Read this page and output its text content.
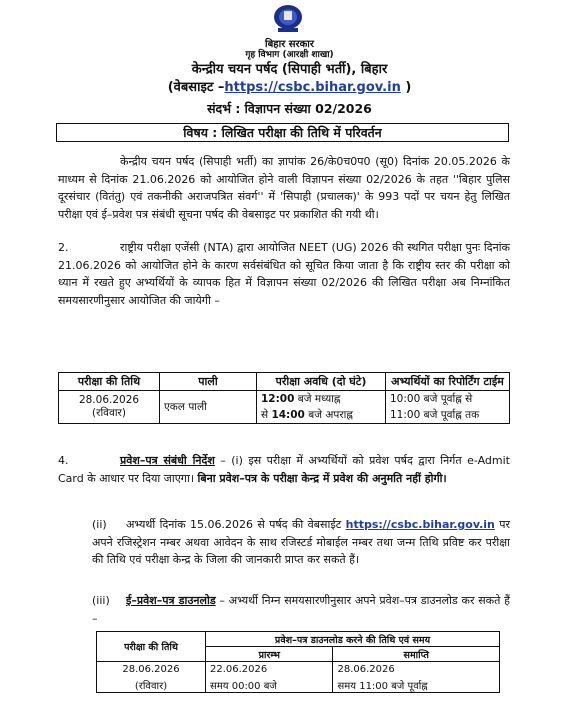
बिहार सरकार
गृह विभाग (आरक्षी शाखा)
केन्द्रीय चयन पर्षद (सिपाही भर्ती), बिहार
(वेबसाइट –https://csbc.bihar.gov.in )
संदर्भ : विज्ञापन संख्या 02/2026
विषय : लिखित परीक्षा की तिथि में परिवर्तन
केन्द्रीय चयन पर्षद (सिपाही भर्ती) का ज्ञापांक 26/के0च0प0 (सू0) दिनांक 20.05.2026 के माध्यम से दिनांक 21.06.2026 को आयोजित होने वाली विज्ञापन संख्या 02/2026 के तहत ''बिहार पुलिस दूरसंचार (वितंतु) एवं तकनीकी अराजपत्रित संवर्ग'' में 'सिपाही (प्रचालक)' के 993 पदों पर चयन हेतु लिखित परीक्षा एवं ई–प्रवेश पत्र संबंधी सूचना पर्षद की वेबसाइट पर प्रकाशित की गयी थी।
2.	राष्ट्रीय परीक्षा एजेंसी (NTA) द्वारा आयोजित NEET (UG) 2026 की स्थगित परीक्षा पुनः दिनांक 21.06.2026 को आयोजित होने के कारण सर्वसंबंधित को सूचित किया जाता है कि राष्ट्रीय स्तर की परीक्षा को ध्यान में रखते हुए अभ्यर्थियों के व्यापक हित में विज्ञापन संख्या 02/2026 की लिखित परीक्षा अब निम्नांकित समयसारणीनुसार आयोजित की जायेगी –
परीक्षा की तिथि	पाली	परीक्षा अवधि (दो घंटे)	अभ्यर्थियों का रिपोर्टिंग टाईम

28.06.2026
(रविवार)	एकल पाली	12:00 बजे मध्याह्न	10:00 बजे पूर्वाह्न से
		से 14:00 बजे अपराह्न	11:00 बजे पूर्वाह्न तक
4.	प्रवेश–पत्र संबंधी निर्देश – (i) इस परीक्षा में अभ्यर्थियों को प्रवेश पर्षद द्वारा निर्गत e-Admit Card के आधार पर दिया जाएगा। बिना प्रवेश–पत्र के परीक्षा केन्द्र में प्रवेश की अनुमति नहीं होगी।
(ii) अभ्यर्थी दिनांक 15.06.2026 से पर्षद की वेबसाईट https://csbc.bihar.gov.in पर अपने रजिस्ट्रेशन नम्बर अथवा आवेदन के साथ रजिस्टर्ड मोबाईल नम्बर तथा जन्म तिथि प्रविष्ट कर परीक्षा की तिथि एवं परीक्षा केन्द्र के जिला की जानकारी प्राप्त कर सकते हैं।
(iii) ई–प्रवेश–पत्र डाउनलोड – अभ्यर्थी निम्न समयसारणीनुसार अपने प्रवेश–पत्र डाउनलोड कर सकते हैं –
परीक्षा की तिथि	प्रवेश–पत्र डाउनलोड करने की तिथि एवं समय	
	प्रारम्भ	समाप्ति
28.06.2026	22.06.2026	28.06.2026
(रविवार)	समय 00:00 बजे	समय 11:00 बजे पूर्वाह्न
